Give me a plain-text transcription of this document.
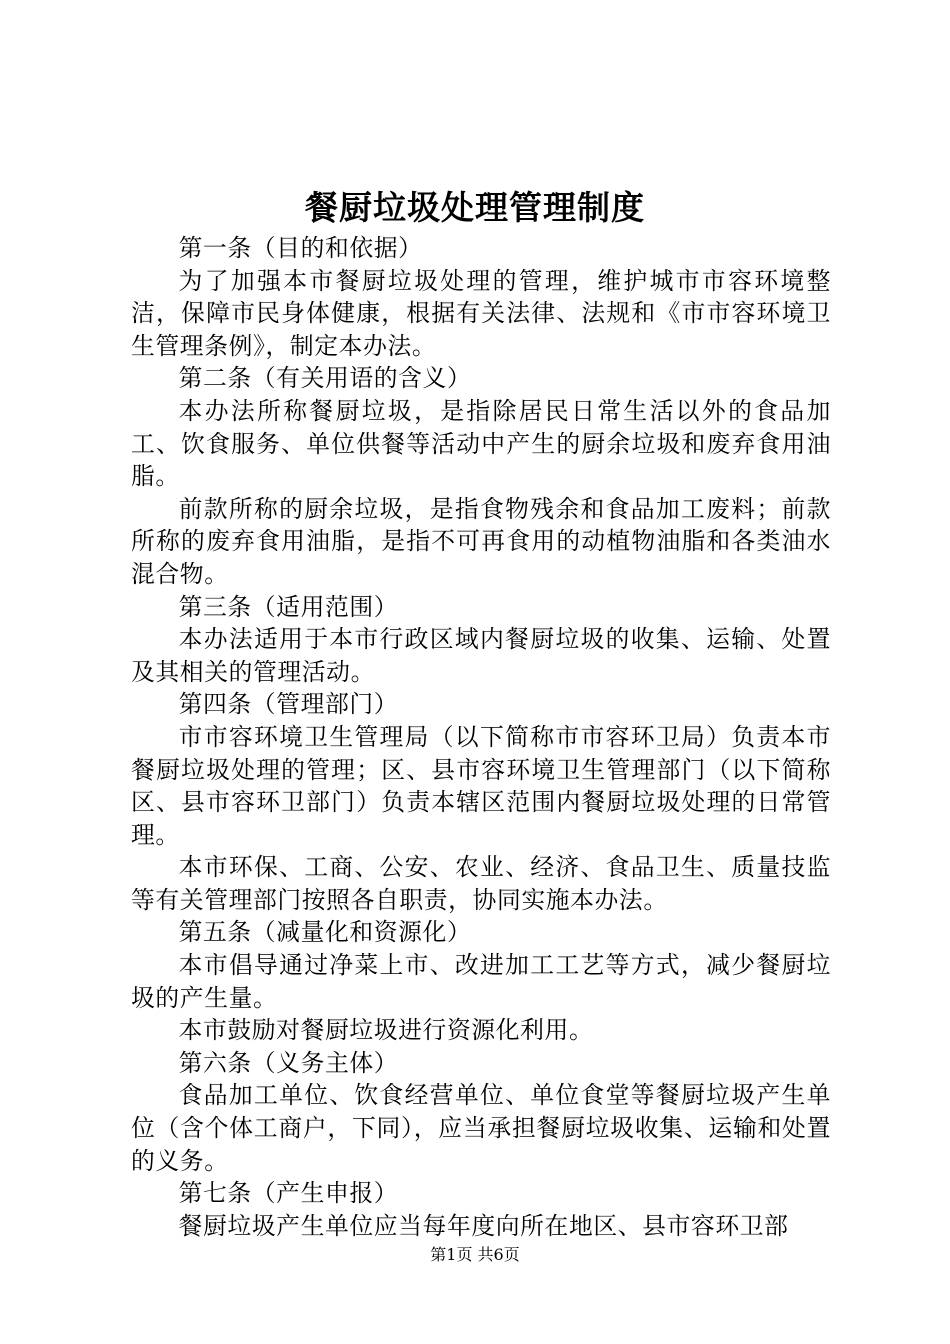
餐厨垃圾处理管理制度

第一条（目的和依据）

为了加强本市餐厨垃圾处理的管理，维护城市市容环境整洁，保障市民身体健康，根据有关法律、法规和《市市容环境卫生管理条例》，制定本办法。

第二条（有关用语的含义）

本办法所称餐厨垃圾，是指除居民日常生活以外的食品加工、饮食服务、单位供餐等活动中产生的厨余垃圾和废弃食用油脂。

前款所称的厨余垃圾，是指食物残余和食品加工废料；前款所称的废弃食用油脂，是指不可再食用的动植物油脂和各类油水混合物。

第三条（适用范围）

本办法适用于本市行政区域内餐厨垃圾的收集、运输、处置及其相关的管理活动。

第四条（管理部门）

市市容环境卫生管理局（以下简称市市容环卫局）负责本市餐厨垃圾处理的管理；区、县市容环境卫生管理部门（以下简称区、县市容环卫部门）负责本辖区范围内餐厨垃圾处理的日常管理。

本市环保、工商、公安、农业、经济、食品卫生、质量技监等有关管理部门按照各自职责，协同实施本办法。

第五条（减量化和资源化）

本市倡导通过净菜上市、改进加工工艺等方式，减少餐厨垃圾的产生量。

本市鼓励对餐厨垃圾进行资源化利用。

第六条（义务主体）

食品加工单位、饮食经营单位、单位食堂等餐厨垃圾产生单位（含个体工商户，下同），应当承担餐厨垃圾收集、运输和处置的义务。

第七条（产生申报）

餐厨垃圾产生单位应当每年度向所在地区、县市容环卫部

第1页 共6页
